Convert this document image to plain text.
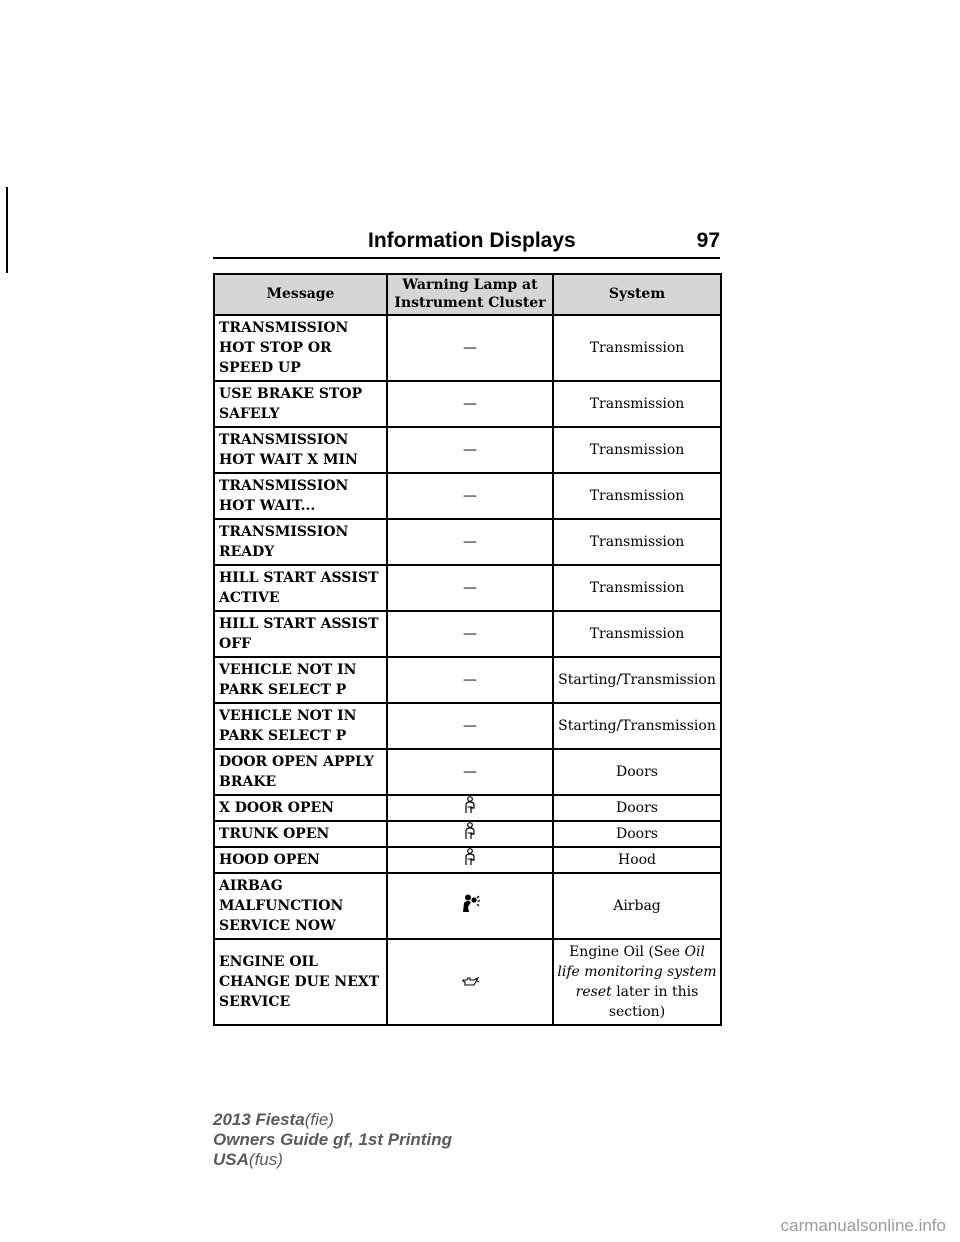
Information Displays	97
Message	Warning Lamp at Instrument Cluster	System
TRANSMISSION HOT STOP OR SPEED UP	—	Transmission
USE BRAKE STOP SAFELY	—	Transmission
TRANSMISSION HOT WAIT X MIN	—	Transmission
TRANSMISSION HOT WAIT...	—	Transmission
TRANSMISSION READY	—	Transmission
HILL START ASSIST ACTIVE	—	Transmission
HILL START ASSIST OFF	—	Transmission
VEHICLE NOT IN PARK SELECT P	—	Starting/Transmission
VEHICLE NOT IN PARK SELECT P	—	Starting/Transmission
DOOR OPEN APPLY BRAKE	—	Doors
X DOOR OPEN		Doors
TRUNK OPEN		Doors
HOOD OPEN		Hood
AIRBAG MALFUNCTION SERVICE NOW		Airbag
ENGINE OIL CHANGE DUE NEXT SERVICE		Engine Oil (See Oil life monitoring system reset later in this section)
2013 Fiesta(fie)
Owners Guide gf, 1st Printing
USA(fus)
carmanualsonline.info
